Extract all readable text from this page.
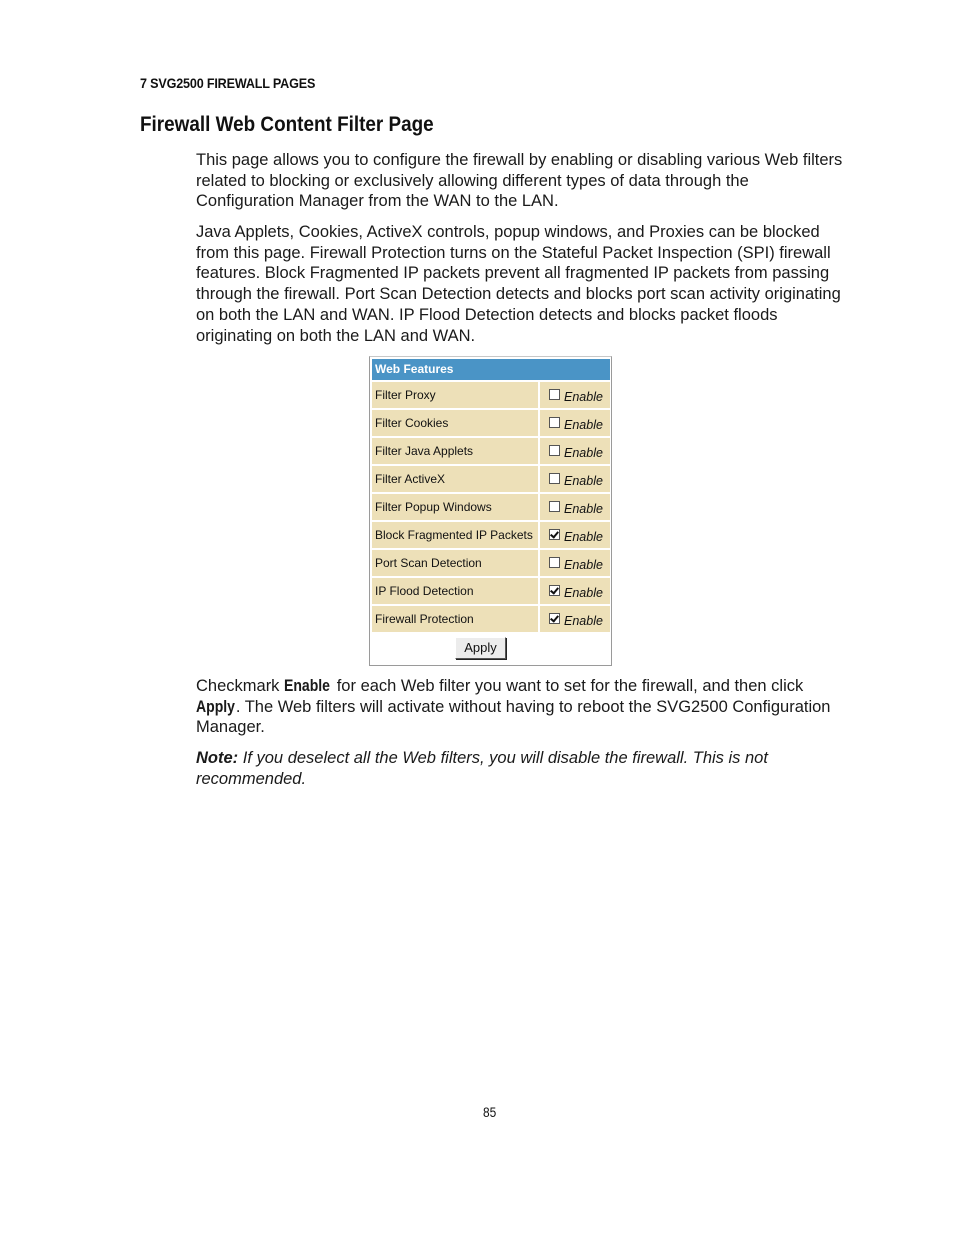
7 SVG2500 FIREWALL PAGES
Firewall Web Content Filter Page
This page allows you to configure the firewall by enabling or disabling various Web filters related to blocking or exclusively allowing different types of data through the Configuration Manager from the WAN to the LAN.
Java Applets, Cookies, ActiveX controls, popup windows, and Proxies can be blocked from this page. Firewall Protection turns on the Stateful Packet Inspection (SPI) firewall features. Block Fragmented IP packets prevent all fragmented IP packets from passing through the firewall. Port Scan Detection detects and blocks port scan activity originating on both the LAN and WAN. IP Flood Detection detects and blocks packet floods originating on both the LAN and WAN.
Web Features
Filter Proxy	Enable
Filter Cookies	Enable
Filter Java Applets	Enable
Filter ActiveX	Enable
Filter Popup Windows	Enable
Block Fragmented IP Packets	Enable
Port Scan Detection	Enable
IP Flood Detection	Enable
Firewall Protection	Enable
Apply
Checkmark Enable for each Web filter you want to set for the firewall, and then click Apply. The Web filters will activate without having to reboot the SVG2500 Configuration Manager.
Note: If you deselect all the Web filters, you will disable the firewall. This is not recommended.
85
